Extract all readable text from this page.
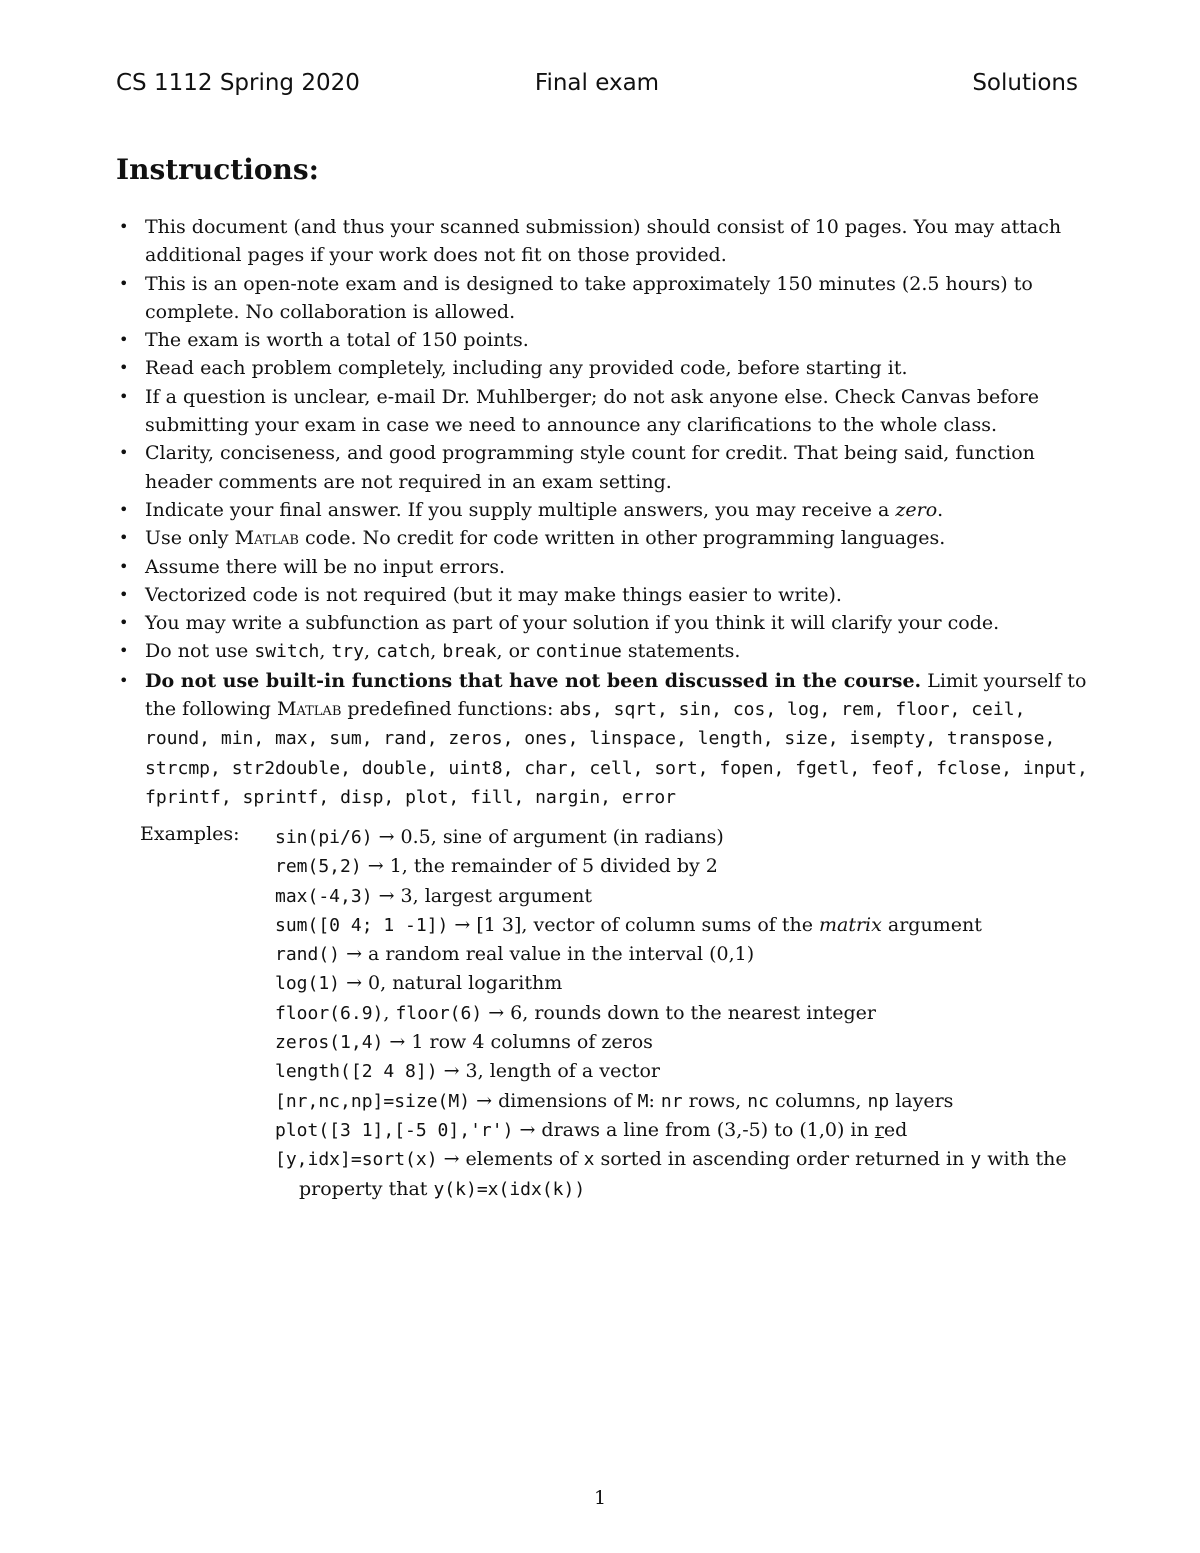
CS 1112 Spring 2020	Final exam	Solutions
Instructions:
• This document (and thus your scanned submission) should consist of 10 pages. You may attach additional pages if your work does not fit on those provided.
• This is an open-note exam and is designed to take approximately 150 minutes (2.5 hours) to complete. No collaboration is allowed.
• The exam is worth a total of 150 points.
• Read each problem completely, including any provided code, before starting it.
• If a question is unclear, e-mail Dr. Muhlberger; do not ask anyone else. Check Canvas before submitting your exam in case we need to announce any clarifications to the whole class.
• Clarity, conciseness, and good programming style count for credit. That being said, function header comments are not required in an exam setting.
• Indicate your final answer. If you supply multiple answers, you may receive a zero.
• Use only Matlab code. No credit for code written in other programming languages.
• Assume there will be no input errors.
• Vectorized code is not required (but it may make things easier to write).
• You may write a subfunction as part of your solution if you think it will clarify your code.
• Do not use switch, try, catch, break, or continue statements.
• Do not use built-in functions that have not been discussed in the course. Limit yourself to the following Matlab predefined functions: abs, sqrt, sin, cos, log, rem, floor, ceil, round, min, max, sum, rand, zeros, ones, linspace, length, size, isempty, transpose, strcmp, str2double, double, uint8, char, cell, sort, fopen, fgetl, feof, fclose, input, fprintf, sprintf, disp, plot, fill, nargin, error
Examples: sin(pi/6) → 0.5, sine of argument (in radians)
rem(5,2) → 1, the remainder of 5 divided by 2
max(-4,3) → 3, largest argument
sum([0 4; 1 -1]) → [1 3], vector of column sums of the matrix argument
rand() → a random real value in the interval (0,1)
log(1) → 0, natural logarithm
floor(6.9), floor(6) → 6, rounds down to the nearest integer
zeros(1,4) → 1 row 4 columns of zeros
length([2 4 8]) → 3, length of a vector
[nr,nc,np]=size(M) → dimensions of M: nr rows, nc columns, np layers
plot([3 1],[-5 0],'r') → draws a line from (3,-5) to (1,0) in red
[y,idx]=sort(x) → elements of x sorted in ascending order returned in y with the property that y(k)=x(idx(k))
1
